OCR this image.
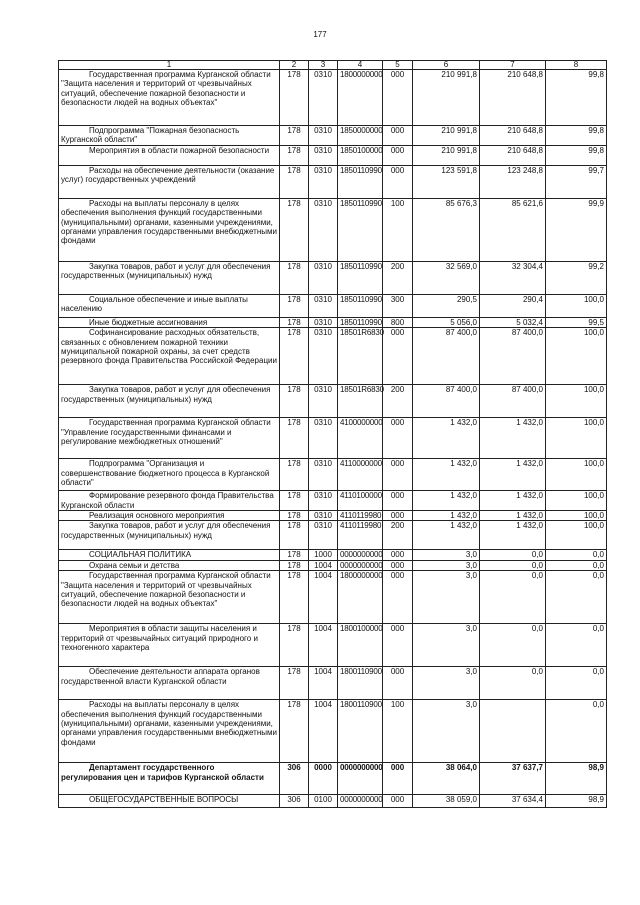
177
1	2	3	4	5	6	7	8

Государственная программа Курганской области "Защита населения и территорий от чрезвычайных ситуаций, обеспечение пожарной безопасности и безопасности людей на водных объектах"	178	0310	1800000000	000	210 991,8	210 648,8	99,8

Подпрограмма "Пожарная безопасность Курганской области"	178	0310	1850000000	000	210 991,8	210 648,8	99,8

Мероприятия в области пожарной безопасности	178	0310	1850100000	000	210 991,8	210 648,8	99,8

Расходы на обеспечение деятельности (оказание услуг) государственных учреждений	178	0310	1850110990	000	123 591,8	123 248,8	99,7

Расходы на выплаты персоналу в целях обеспечения выполнения функций государственными (муниципальными) органами, казенными учреждениями, органами управления государственными внебюджетными фондами	178	0310	1850110990	100	85 676,3	85 621,6	99,9

Закупка товаров, работ и услуг для обеспечения государственных (муниципальных) нужд	178	0310	1850110990	200	32 569,0	32 304,4	99,2

Социальное обеспечение и иные выплаты населению	178	0310	1850110990	300	290,5	290,4	100,0

Иные бюджетные ассигнования	178	0310	1850110990	800	5 056,0	5 032,4	99,5

Софинансирование расходных обязательств, связанных с обновлением пожарной техники муниципальной пожарной охраны, за счет средств резервного фонда Правительства Российской Федерации	178	0310	18501R6830	000	87 400,0	87 400,0	100,0

Закупка товаров, работ и услуг для обеспечения государственных (муниципальных) нужд	178	0310	18501R6830	200	87 400,0	87 400,0	100,0

Государственная программа Курганской области "Управление государственными финансами и регулирование межбюджетных отношений"	178	0310	4100000000	000	1 432,0	1 432,0	100,0

Подпрограмма "Организация и совершенствование бюджетного процесса в Курганской области"	178	0310	4110000000	000	1 432,0	1 432,0	100,0

Формирование резервного фонда Правительства Курганской области	178	0310	4110100000	000	1 432,0	1 432,0	100,0

Реализация основного мероприятия	178	0310	4110119980	000	1 432,0	1 432,0	100,0

Закупка товаров, работ и услуг для обеспечения государственных (муниципальных) нужд	178	0310	4110119980	200	1 432,0	1 432,0	100,0

СОЦИАЛЬНАЯ ПОЛИТИКА	178	1000	0000000000	000	3,0	0,0	0,0

Охрана семьи и детства	178	1004	0000000000	000	3,0	0,0	0,0

Государственная программа Курганской области "Защита населения и территорий от чрезвычайных ситуаций, обеспечение пожарной безопасности и безопасности людей на водных объектах"	178	1004	1800000000	000	3,0	0,0	0,0

Мероприятия в области защиты населения и территорий от чрезвычайных ситуаций природного и техногенного характера	178	1004	1800100000	000	3,0	0,0	0,0

Обеспечение деятельности аппарата органов государственной власти Курганской области	178	1004	1800110900	000	3,0	0,0	0,0

Расходы на выплаты персоналу в целях обеспечения выполнения функций государственными (муниципальными) органами, казенными учреждениями, органами управления государственными внебюджетными фондами	178	1004	1800110900	100	3,0		0,0

Департамент государственного регулирования цен и тарифов Курганской области	306	0000	0000000000	000	38 064,0	37 637,7	98,9

ОБЩЕГОСУДАРСТВЕННЫЕ ВОПРОСЫ	306	0100	0000000000	000	38 059,0	37 634,4	98,9
